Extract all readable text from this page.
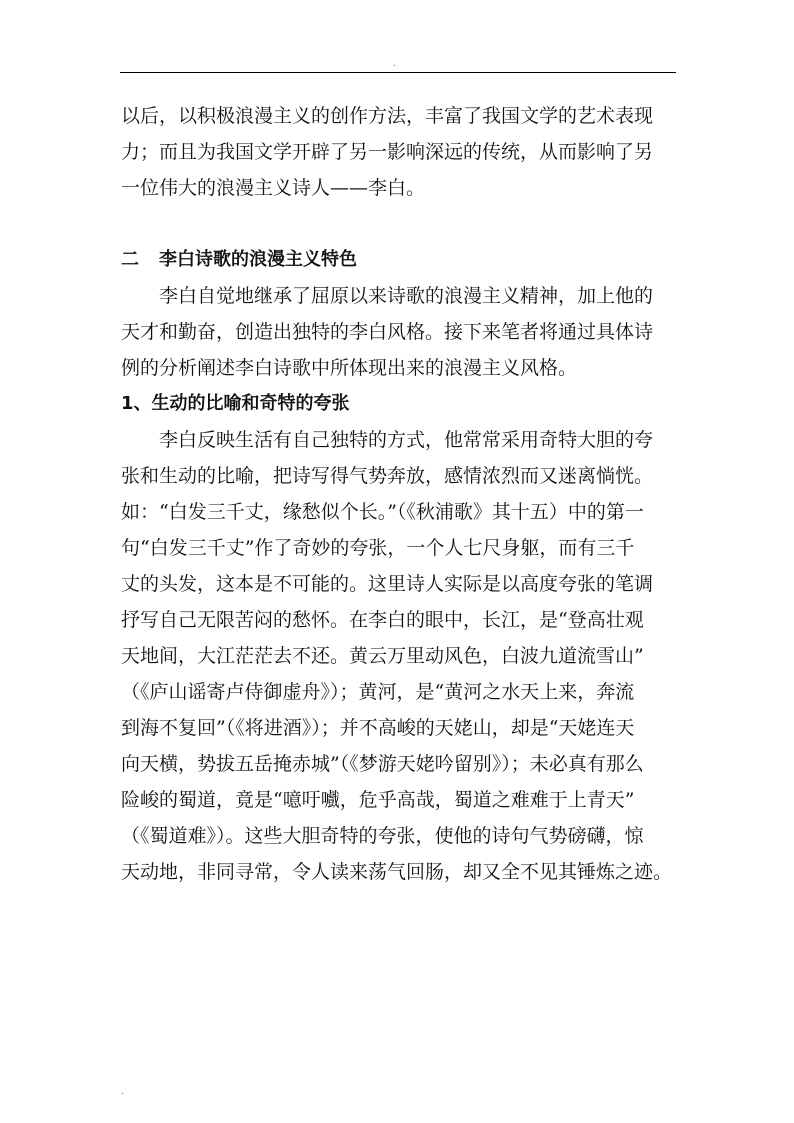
.
以后，以积极浪漫主义的创作方法，丰富了我国文学的艺术表现
力；而且为我国文学开辟了另一影响深远的传统，从而影响了另
一位伟大的浪漫主义诗人——李白。
二 李白诗歌的浪漫主义特色
李白自觉地继承了屈原以来诗歌的浪漫主义精神，加上他的
天才和勤奋，创造出独特的李白风格。接下来笔者将通过具体诗
例的分析阐述李白诗歌中所体现出来的浪漫主义风格。
1、生动的比喻和奇特的夸张
李白反映生活有自己独特的方式，他常常采用奇特大胆的夸
张和生动的比喻，把诗写得气势奔放，感情浓烈而又迷离惝恍。
如：“白发三千丈，缘愁似个长。”（《秋浦歌》其十五）中的第一
句“白发三千丈”作了奇妙的夸张，一个人七尺身躯，而有三千
丈的头发，这本是不可能的。这里诗人实际是以高度夸张的笔调
抒写自己无限苦闷的愁怀。在李白的眼中，长江，是“登高壮观
天地间，大江茫茫去不还。黄云万里动风色，白波九道流雪山”
（《庐山谣寄卢侍御虚舟》）；黄河，是“黄河之水天上来，奔流
到海不复回”（《将进酒》）；并不高峻的天姥山，却是“天姥连天
向天横，势拔五岳掩赤城”（《梦游天姥吟留别》）；未必真有那么
险峻的蜀道，竟是“噫吁嚱，危乎高哉，蜀道之难难于上青天”
（《蜀道难》）。这些大胆奇特的夸张，使他的诗句气势磅礴，惊
天动地，非同寻常，令人读来荡气回肠，却又全不见其锤炼之迹。
.
